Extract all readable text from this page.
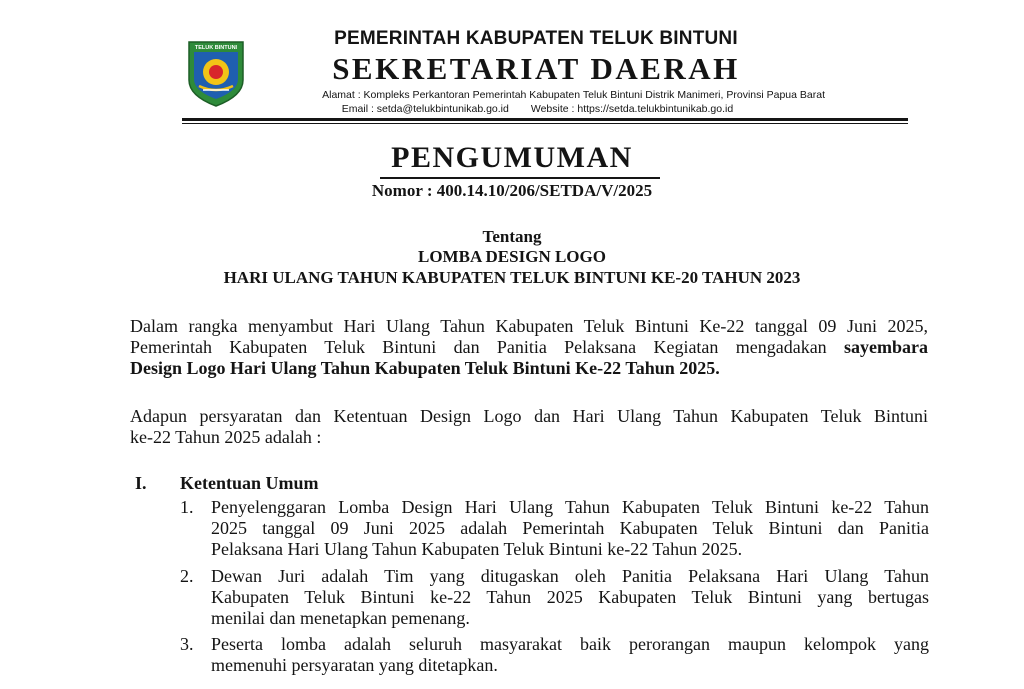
TELUK BINTUNI	PEMERINTAH KABUPATEN TELUK BINTUNI
SEKRETARIAT DAERAH
Alamat : Kompleks Perkantoran Pemerintah Kabupaten Teluk Bintuni Distrik Manimeri, Provinsi Papua Barat
Email : setda@telukbintunikab.go.id Website : https://setda.telukbintunikab.go.id
PENGUMUMAN
Nomor : 400.14.10/206/SETDA/V/2025
Tentang
LOMBA DESIGN LOGO
HARI ULANG TAHUN KABUPATEN TELUK BINTUNI KE-20 TAHUN 2023
Dalam rangka menyambut Hari Ulang Tahun Kabupaten Teluk Bintuni Ke-22 tanggal 09 Juni 2025,
Pemerintah Kabupaten Teluk Bintuni dan Panitia Pelaksana Kegiatan mengadakan sayembara
Design Logo Hari Ulang Tahun Kabupaten Teluk Bintuni Ke-22 Tahun 2025.
Adapun persyaratan dan Ketentuan Design Logo dan Hari Ulang Tahun Kabupaten Teluk Bintuni
ke-22 Tahun 2025 adalah :
I. Ketentuan Umum
1. Penyelenggaran Lomba Design Hari Ulang Tahun Kabupaten Teluk Bintuni ke-22 Tahun
2025 tanggal 09 Juni 2025 adalah Pemerintah Kabupaten Teluk Bintuni dan Panitia
Pelaksana Hari Ulang Tahun Kabupaten Teluk Bintuni ke-22 Tahun 2025.
2. Dewan Juri adalah Tim yang ditugaskan oleh Panitia Pelaksana Hari Ulang Tahun
Kabupaten Teluk Bintuni ke-22 Tahun 2025 Kabupaten Teluk Bintuni yang bertugas
menilai dan menetapkan pemenang.
3. Peserta lomba adalah seluruh masyarakat baik perorangan maupun kelompok yang
memenuhi persyaratan yang ditetapkan.
